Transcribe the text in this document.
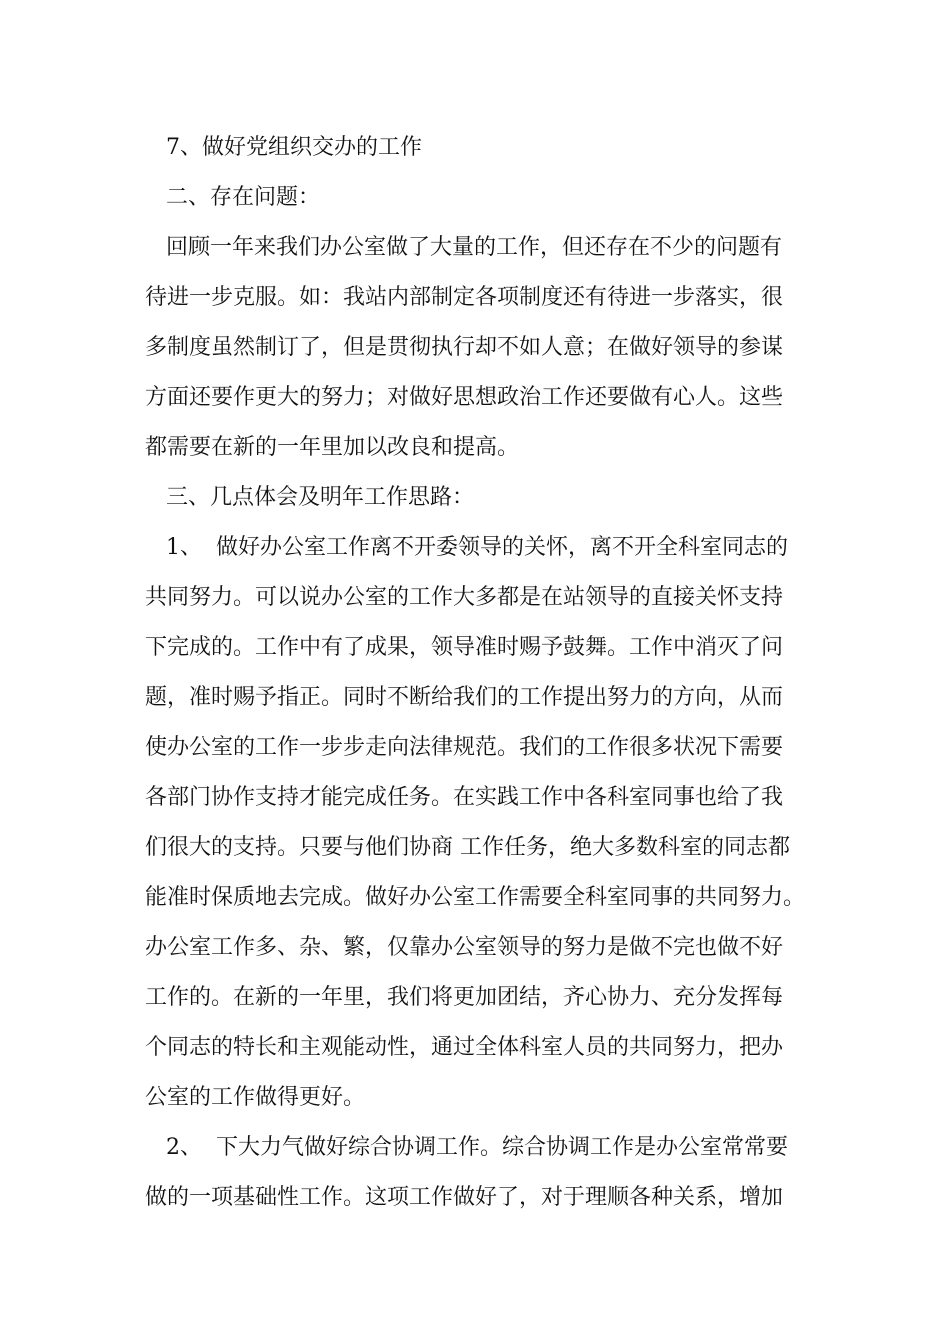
7、做好党组织交办的工作
二、存在问题：
回顾一年来我们办公室做了大量的工作，但还存在不少的问题有
待进一步克服。如：我站内部制定各项制度还有待进一步落实，很
多制度虽然制订了，但是贯彻执行却不如人意；在做好领导的参谋
方面还要作更大的努力；对做好思想政治工作还要做有心人。这些
都需要在新的一年里加以改良和提高。
三、几点体会及明年工作思路：
1、  做好办公室工作离不开委领导的关怀，离不开全科室同志的
共同努力。可以说办公室的工作大多都是在站领导的直接关怀支持
下完成的。工作中有了成果，领导准时赐予鼓舞。工作中消灭了问
题，准时赐予指正。同时不断给我们的工作提出努力的方向，从而
使办公室的工作一步步走向法律规范。我们的工作很多状况下需要
各部门协作支持才能完成任务。在实践工作中各科室同事也给了我
们很大的支持。只要与他们协商 工作任务，绝大多数科室的同志都
能准时保质地去完成。做好办公室工作需要全科室同事的共同努力。
办公室工作多、杂、繁，仅靠办公室领导的努力是做不完也做不好
工作的。在新的一年里，我们将更加团结，齐心协力、充分发挥每
个同志的特长和主观能动性，通过全体科室人员的共同努力，把办
公室的工作做得更好。
2、  下大力气做好综合协调工作。综合协调工作是办公室常常要
做的一项基础性工作。这项工作做好了，对于理顺各种关系，增加
